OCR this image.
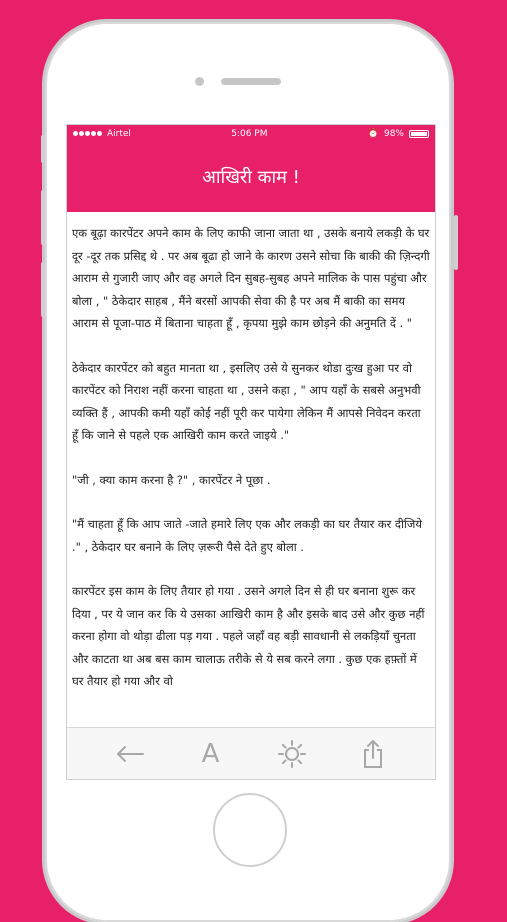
Airtel	5:06 PM	⏰ 98%
आखिरी काम !

एक बूढ़ा कारपेंटर अपने काम के लिए काफी जाना जाता था , उसके बनाये लकड़ी के घर दूर -दूर तक प्रसिद्द थे . पर अब बूढा हो जाने के कारण उसने सोचा कि बाकी की ज़िन्दगी आराम से गुजारी जाए और वह अगले दिन सुबह-सुबह अपने मालिक के पास पहुंचा और बोला , " ठेकेदार साहब , मैंने बरसों आपकी सेवा की है पर अब मैं बाकी का समय आराम से पूजा-पाठ में बिताना चाहता हूँ , कृपया मुझे काम छोड़ने की अनुमति दें . "

ठेकेदार कारपेंटर को बहुत मानता था , इसलिए उसे ये सुनकर थोडा दुःख हुआ पर वो कारपेंटर को निराश नहीं करना चाहता था , उसने कहा , " आप यहाँ के सबसे अनुभवी व्यक्ति हैं , आपकी कमी यहाँ कोई नहीं पूरी कर पायेगा लेकिन मैं आपसे निवेदन करता हूँ कि जाने से पहले एक आखिरी काम करते जाइये ."

"जी , क्या काम करना है ?" , कारपेंटर ने पूछा .

"मैं चाहता हूँ कि आप जाते -जाते हमारे लिए एक और लकड़ी का घर तैयार कर दीजिये ." , ठेकेदार घर बनाने के लिए ज़रूरी पैसे देते हुए बोला .

कारपेंटर इस काम के लिए तैयार हो गया . उसने अगले दिन से ही घर बनाना शुरू कर दिया , पर ये जान कर कि ये उसका आखिरी काम है और इसके बाद उसे और कुछ नहीं करना होगा वो थोड़ा ढीला पड़ गया . पहले जहाँ वह बड़ी सावधानी से लकड़ियाँ चुनता और काटता था अब बस काम चालाऊ तरीके से ये सब करने लगा . कुछ एक हफ़्तों में घर तैयार हो गया और वो

A
